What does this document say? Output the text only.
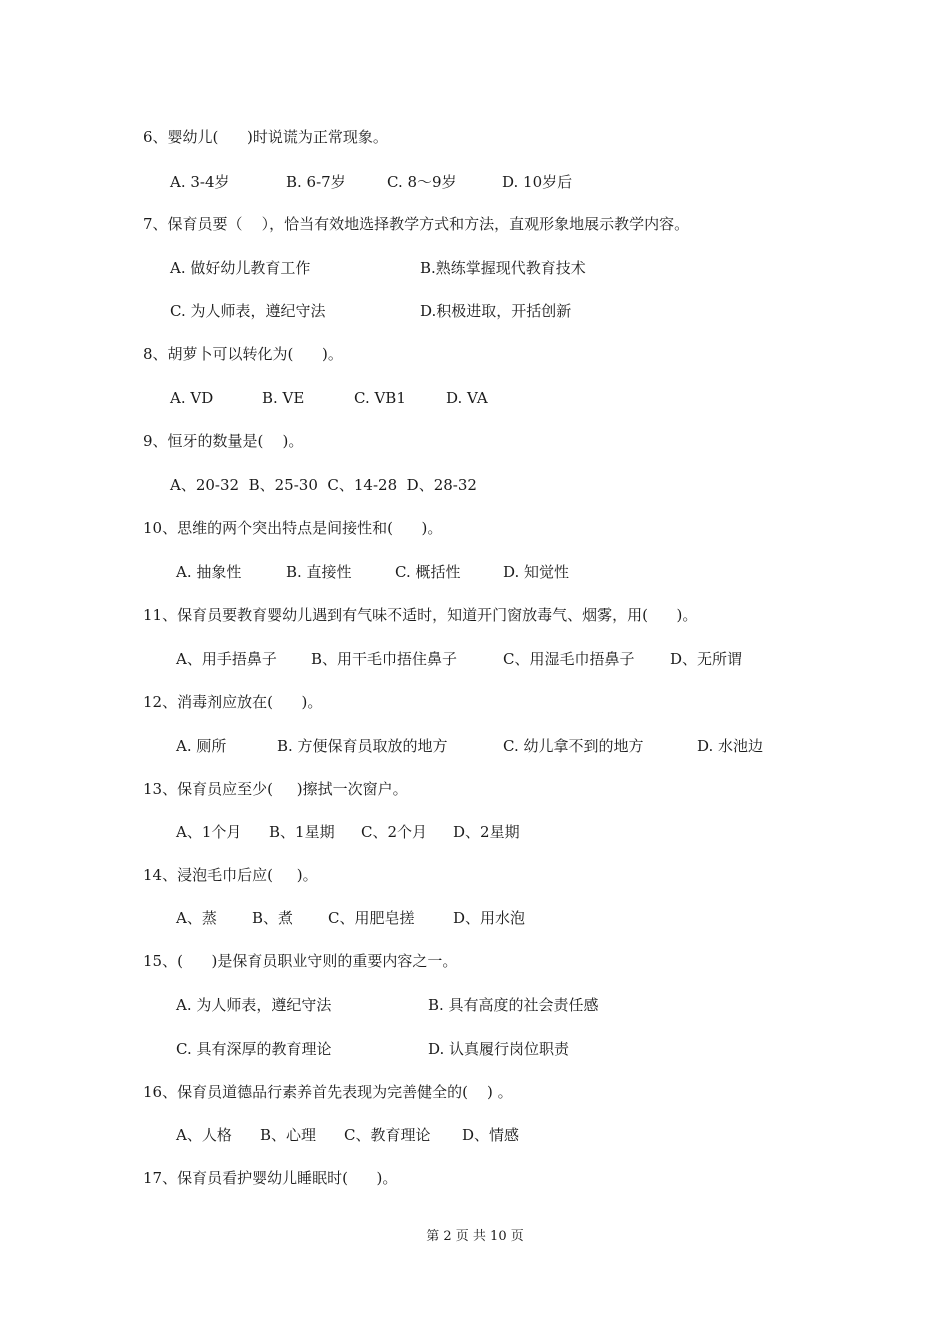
6、婴幼儿(      )时说谎为正常现象。
A. 3-4岁	B. 6-7岁	C. 8～9岁	D. 10岁后
7、保育员要（    ），恰当有效地选择教学方式和方法，直观形象地展示教学内容。
A. 做好幼儿教育工作	B.熟练掌握现代教育技术
C. 为人师表，遵纪守法	D.积极进取，开括创新
8、胡萝卜可以转化为(      )。
A. VD	B. VE	C. VB1	D. VA
9、恒牙的数量是(    )。
A、20-32  B、25-30  C、14-28  D、28-32
10、思维的两个突出特点是间接性和(      )。
A. 抽象性	B. 直接性	C. 概括性	D. 知觉性
11、保育员要教育婴幼儿遇到有气味不适时，知道开门窗放毒气、烟雾，用(      )。
A、用手捂鼻子 B、用干毛巾捂住鼻子	C、用湿毛巾捂鼻子 D、无所谓
12、消毒剂应放在(      )。
A. 厕所	B. 方便保育员取放的地方	C. 幼儿拿不到的地方	D. 水池边
13、保育员应至少(     )擦拭一次窗户。
A、1个月 B、1星期 C、2个月 D、2星期
14、浸泡毛巾后应(     )。
A、蒸 B、煮 C、用肥皂搓	D、用水泡
15、(      )是保育员职业守则的重要内容之一。
A. 为人师表，遵纪守法	B. 具有高度的社会责任感
C. 具有深厚的教育理论	D. 认真履行岗位职责
16、保育员道德品行素养首先表现为完善健全的(    ) 。
A、人格 B、心理 C、教育理论 D、情感
17、保育员看护婴幼儿睡眠时(      )。
第 2 页 共 10 页
